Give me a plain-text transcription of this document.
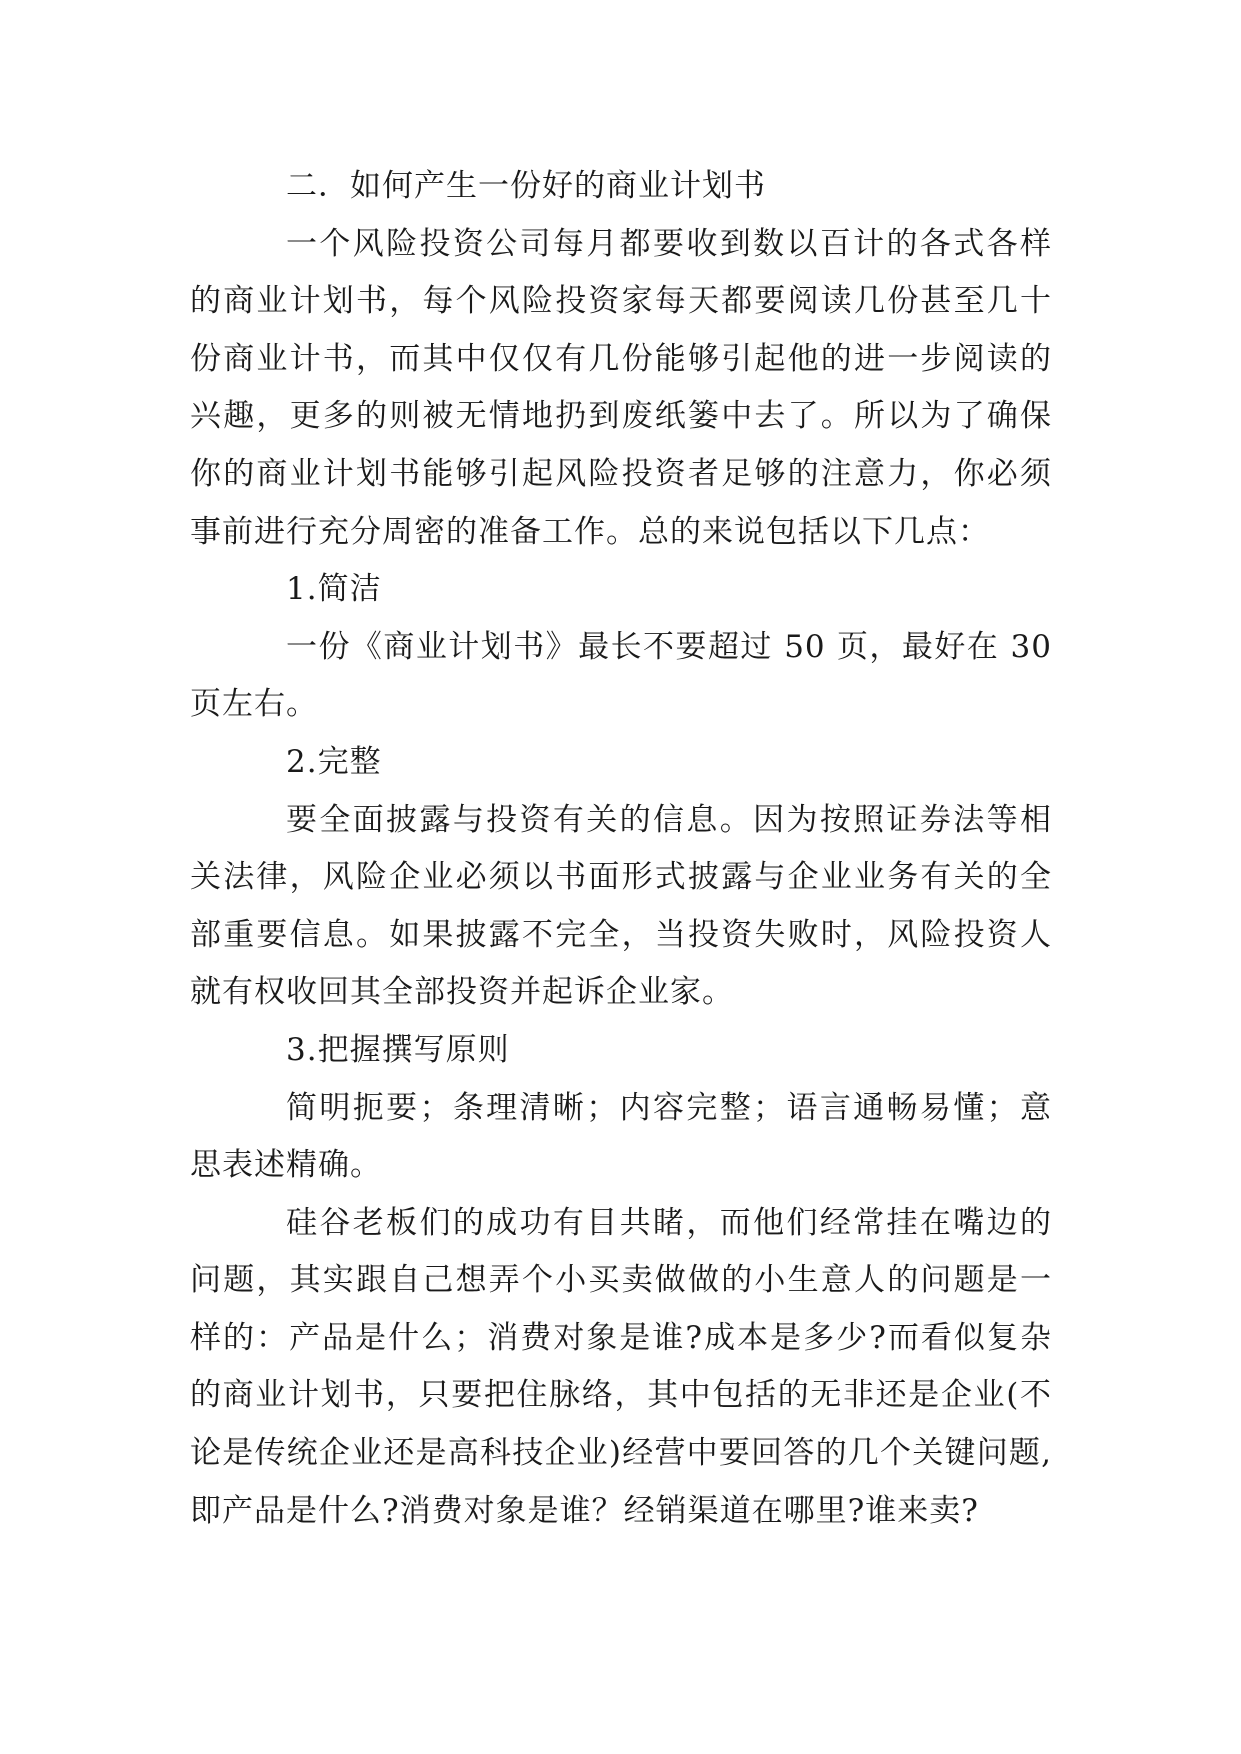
二．如何产生一份好的商业计划书

一个风险投资公司每月都要收到数以百计的各式各样的商业计划书，每个风险投资家每天都要阅读几份甚至几十份商业计书，而其中仅仅有几份能够引起他的进一步阅读的兴趣，更多的则被无情地扔到废纸篓中去了。所以为了确保你的商业计划书能够引起风险投资者足够的注意力，你必须事前进行充分周密的准备工作。总的来说包括以下几点：

1.简洁

一份《商业计划书》最长不要超过 50 页，最好在 30 页左右。

2.完整

要全面披露与投资有关的信息。因为按照证券法等相关法律，风险企业必须以书面形式披露与企业业务有关的全部重要信息。如果披露不完全，当投资失败时，风险投资人就有权收回其全部投资并起诉企业家。

3.把握撰写原则

简明扼要；条理清晰；内容完整；语言通畅易懂；意思表述精确。

硅谷老板们的成功有目共睹，而他们经常挂在嘴边的问题，其实跟自己想弄个小买卖做做的小生意人的问题是一样的：产品是什么；消费对象是谁?成本是多少?而看似复杂的商业计划书，只要把住脉络，其中包括的无非还是企业(不论是传统企业还是高科技企业)经营中要回答的几个关键问题,即产品是什么?消费对象是谁？经销渠道在哪里?谁来卖?
